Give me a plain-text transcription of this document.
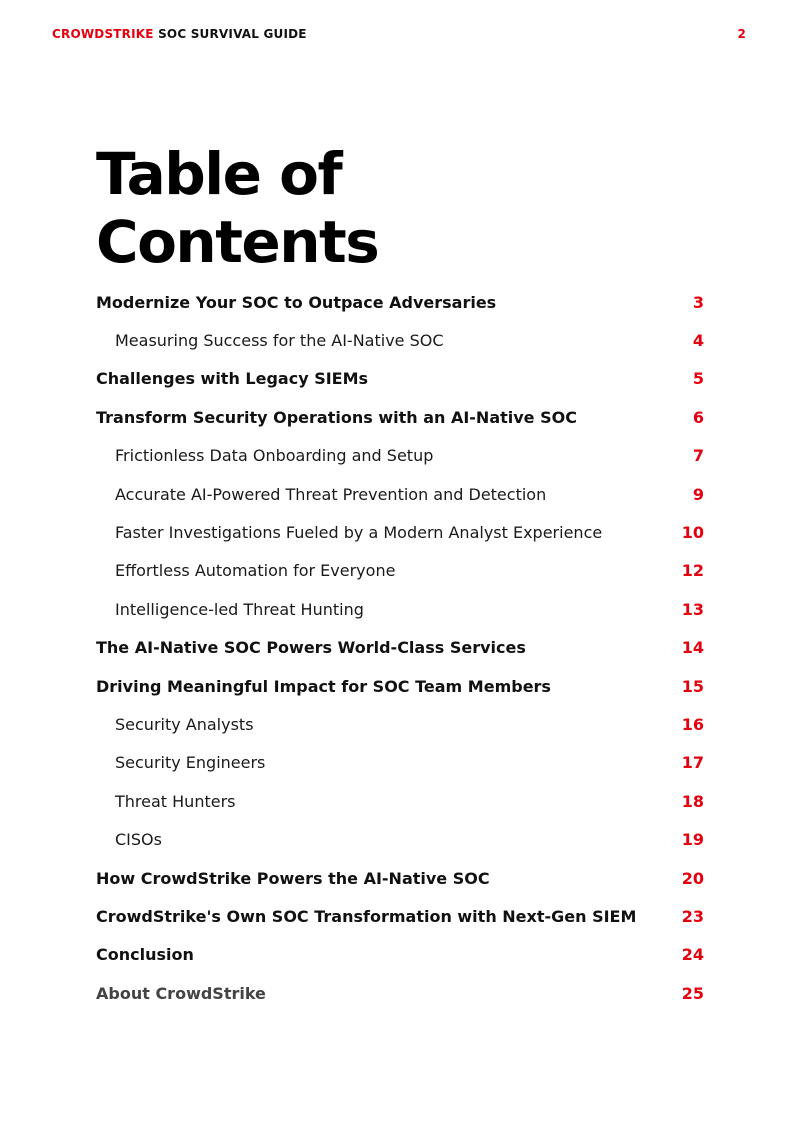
CROWDSTRIKE SOC SURVIVAL GUIDE	2
Table of
Contents
Modernize Your SOC to Outpace Adversaries	3
Measuring Success for the AI-Native SOC	4
Challenges with Legacy SIEMs	5
Transform Security Operations with an AI-Native SOC	6
Frictionless Data Onboarding and Setup	7
Accurate AI-Powered Threat Prevention and Detection	9
Faster Investigations Fueled by a Modern Analyst Experience	10
Effortless Automation for Everyone	12
Intelligence-led Threat Hunting	13
The AI-Native SOC Powers World-Class Services	14
Driving Meaningful Impact for SOC Team Members	15
Security Analysts	16
Security Engineers	17
Threat Hunters	18
CISOs	19
How CrowdStrike Powers the AI-Native SOC	20
CrowdStrike's Own SOC Transformation with Next-Gen SIEM	23
Conclusion	24
About CrowdStrike	25
